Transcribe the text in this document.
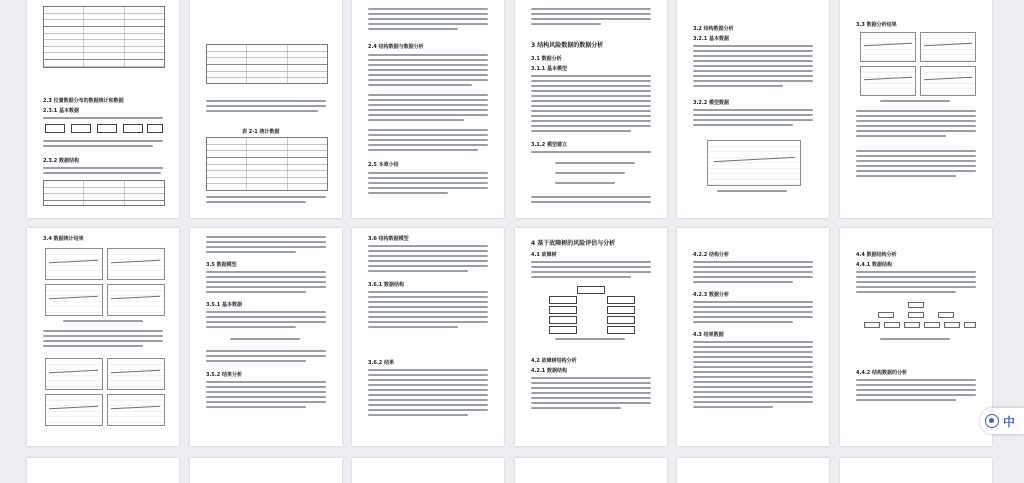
2.3 位置数据分布的数据统计和数据
2.3.1 基本数据
2.3.2 数据结构
表 2-1 统计数据
2.4 结构数据与数据分析
2.5 本章小结
3 结构风险数据的数据分析
3.1 数据分析
3.1.1 基本模型
3.1.2 模型建立
3.2 结构数据分析
3.2.1 基本数据
3.2.2 模型数据
3.3 数据分析结果
3.4 数据统计结果
3.5 数据模型
3.5.1 基本数据
3.5.2 结果分析
3.6 结构数据模型
3.6.1 数据结构
3.6.2 结果
4 基于故障树的风险评估与分析
4.1 故障树
4.2 故障树结构分析
4.2.1 数据结构
4.2.2 结构分析
4.2.3 数据分析
4.3 结果数据
4.4 数据结构分析
4.4.1 数据结构
4.4.2 结构数据的分析
中
